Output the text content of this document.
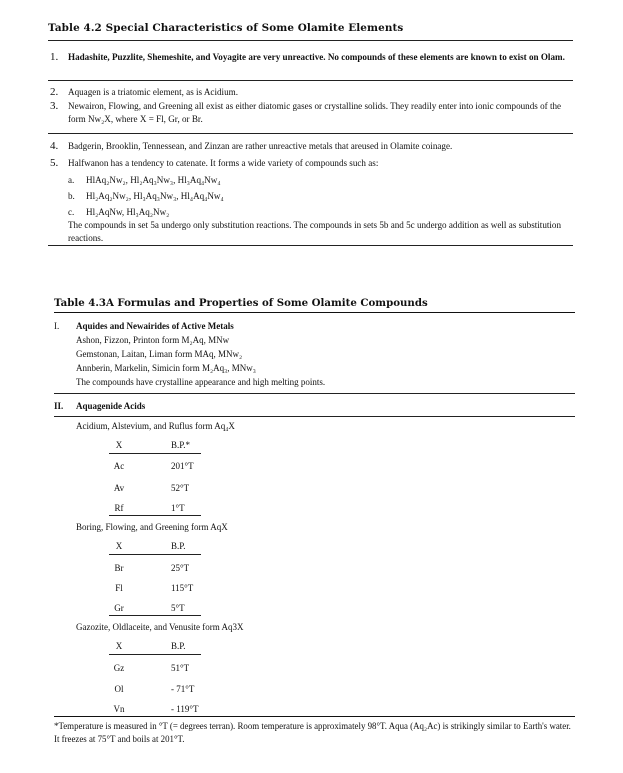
Table 4.2 Special Characteristics of Some Olamite Elements
1. Hadashite, Puzzlite, Shemeshite, and Voyagite are very unreactive. No compounds of these elements are known to exist on Olam.
2. Aquagen is a triatomic element, as is Acidium.
3. Newairon, Flowing, and Greening all exist as either diatomic gases or crystalline solids. They readily enter into ionic compounds of the form Nw₂X, where X = Fl, Gr, or Br.
4. Badgerin, Brooklin, Tennessean, and Zinzan are rather unreactive metals that areused in Olamite coinage.
5. Halfwanon has a tendency to catenate. It forms a wide variety of compounds such as:
a. HlAq₂Nw₂, Hl₂Aq₃Nw₃, Hl₃Aq₄Nw₄
b. Hl₂Aq₂Nw₂, Hl₃Aq₃Nw₃, Hl₄Aq₄Nw₄
c. Hl₂AqNw, Hl₃Aq₂Nw₂
The compounds in set 5a undergo only substitution reactions. The compounds in sets 5b and 5c undergo addition as well as substitution reactions.
Table 4.3A Formulas and Properties of Some Olamite Compounds
I. Aquides and Newairides of Active Metals
Ashon, Fizzon, Printon form M₂Aq, MNw
Gemstonan, Laitan, Liman form MAq, MNw₂
Annberin, Markelin, Simicin form M₂Aq₃, MNw₃
The compounds have crystalline appearance and high melting points.
II. Aquagenide Acids
Acidium, Alstevium, and Ruflus form Aq₄X
X	B.P.*
Ac	201°T
Av	52°T
Rf	1°T
Boring, Flowing, and Greening form AqX
X	B.P.
Br	25°T
Fl	115°T
Gr	5°T
Gazozite, Oldlaceite, and Venusite form Aq3X
X	B.P.
Gz	51°T
Ol	- 71°T
Vn	- 119°T
*Temperature is measured in °T (= degrees terran). Room temperature is approximately 98°T. Aqua (Aq₂Ac) is strikingly similar to Earth's water. It freezes at 75°T and boils at 201°T.
